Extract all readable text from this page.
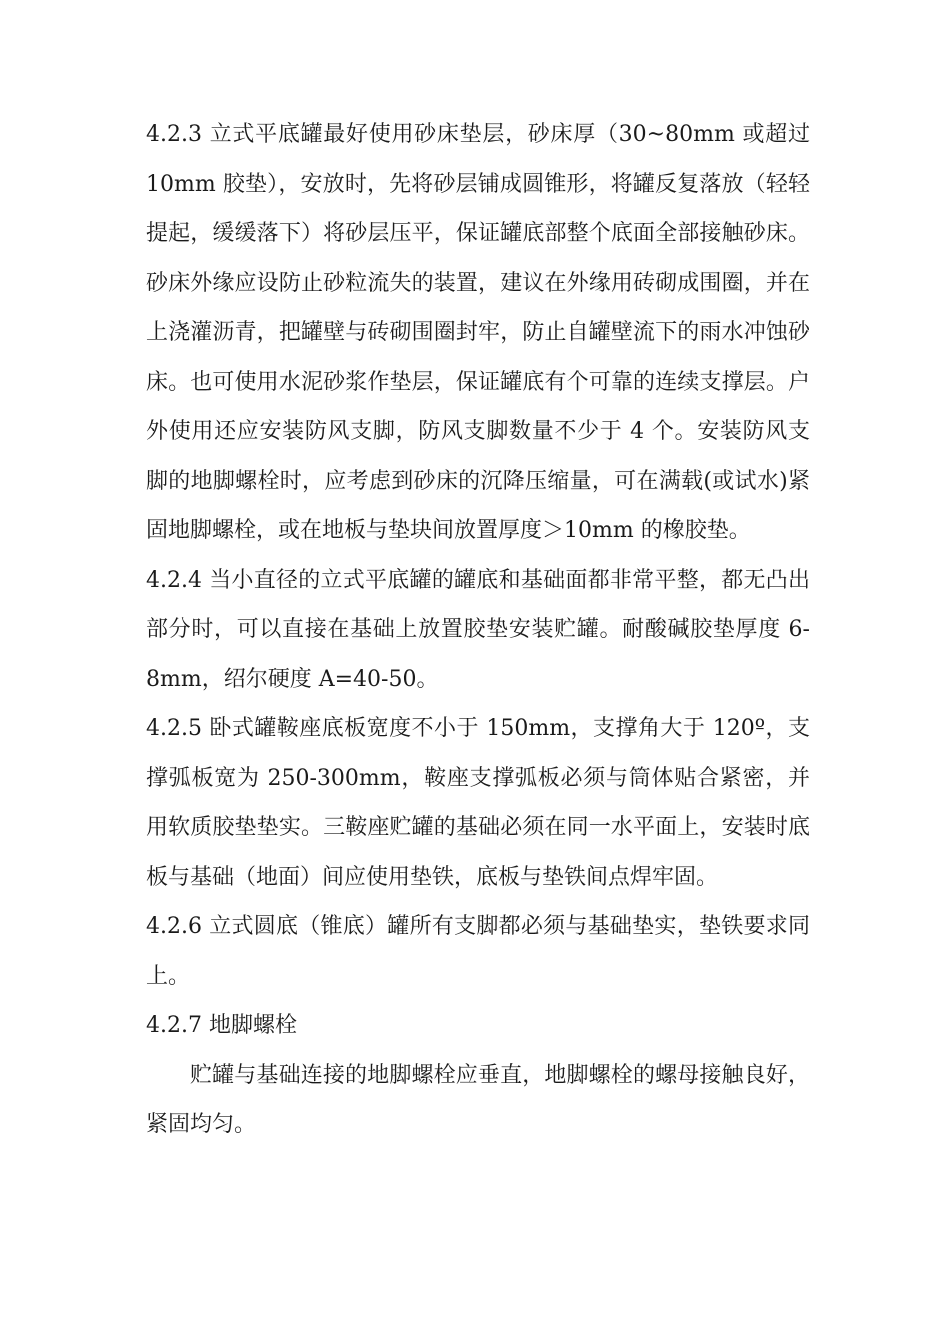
4.2.3 立式平底罐最好使用砂床垫层，砂床厚（30~80mm 或超过 10mm 胶垫），安放时，先将砂层铺成圆锥形，将罐反复落放（轻轻提起，缓缓落下）将砂层压平，保证罐底部整个底面全部接触砂床。砂床外缘应设防止砂粒流失的装置，建议在外缘用砖砌成围圈，并在上浇灌沥青，把罐壁与砖砌围圈封牢，防止自罐壁流下的雨水冲蚀砂床。也可使用水泥砂浆作垫层，保证罐底有个可靠的连续支撑层。户外使用还应安装防风支脚，防风支脚数量不少于 4 个。安装防风支脚的地脚螺栓时，应考虑到砂床的沉降压缩量，可在满载(或试水)紧固地脚螺栓，或在地板与垫块间放置厚度＞10mm 的橡胶垫。

4.2.4 当小直径的立式平底罐的罐底和基础面都非常平整，都无凸出部分时，可以直接在基础上放置胶垫安装贮罐。耐酸碱胶垫厚度 6-8mm，绍尔硬度 A=40-50。

4.2.5 卧式罐鞍座底板宽度不小于 150mm，支撑角大于 120º，支撑弧板宽为 250-300mm，鞍座支撑弧板必须与筒体贴合紧密，并用软质胶垫垫实。三鞍座贮罐的基础必须在同一水平面上，安装时底板与基础（地面）间应使用垫铁，底板与垫铁间点焊牢固。

4.2.6 立式圆底（锥底）罐所有支脚都必须与基础垫实，垫铁要求同上。

4.2.7 地脚螺栓

贮罐与基础连接的地脚螺栓应垂直，地脚螺栓的螺母接触良好，紧固均匀。
